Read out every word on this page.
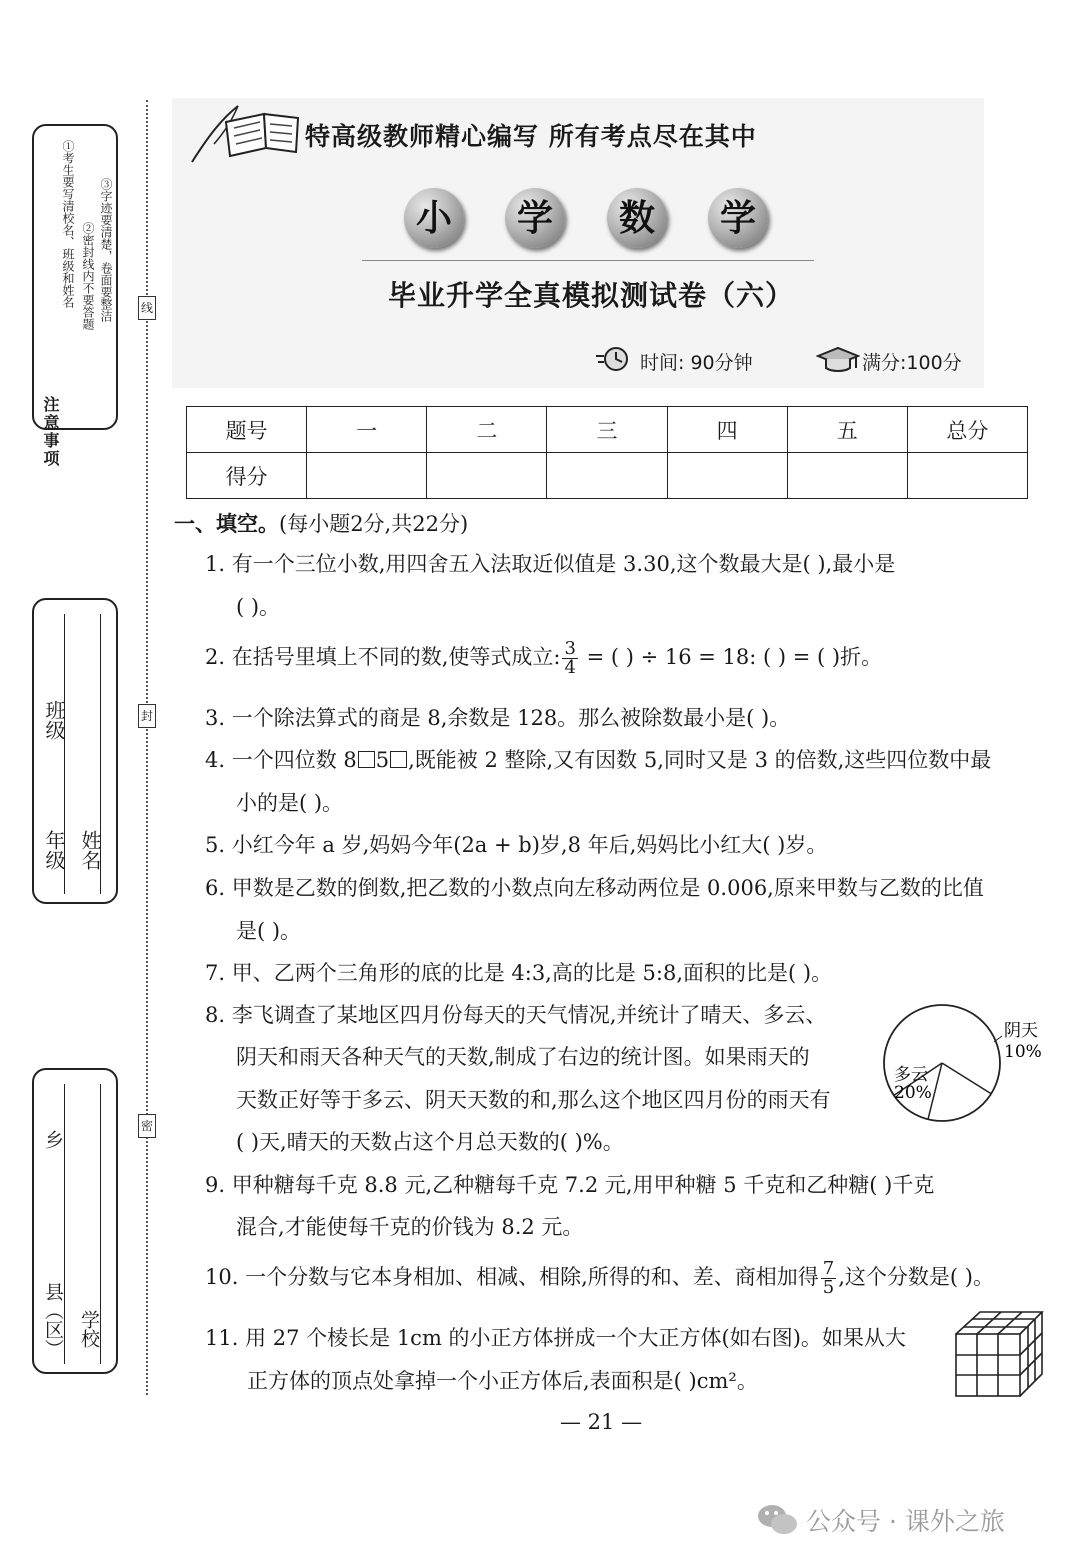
注意事项
①考生要写清校名、班级和姓名 ②密封线内不要答题 ③字迹要清楚，卷面要整洁
年级
班级
姓名
县（区）
乡
学校
线
封
密
特高级教师精心编写 所有考点尽在其中
小	学	数	学
毕业升学全真模拟测试卷（六）
时间: 90分钟	满分:100分
题号	一	二	三	四	五	总分
得分						
一、填空。(每小题2分,共22分)
1. 有一个三位小数,用四舍五入法取近似值是 3.30,这个数最大是( ),最小是
( )。
2. 在括号里填上不同的数,使等式成立: $\frac{3}{4}$ = ( ) ÷ 16 = 18: ( ) = ( )折。
3. 一个除法算式的商是 8,余数是 128。那么被除数最小是( )。
4. 一个四位数 8 5 ,既能被 2 整除,又有因数 5,同时又是 3 的倍数,这些四位数中最
小的是( )。
5. 小红今年 a 岁,妈妈今年(2a + b)岁,8 年后,妈妈比小红大( )岁。
6. 甲数是乙数的倒数,把乙数的小数点向左移动两位是 0.006,原来甲数与乙数的比值
是( )。
7. 甲、乙两个三角形的底的比是 4:3,高的比是 5:8,面积的比是( )。
8. 李飞调查了某地区四月份每天的天气情况,并统计了晴天、多云、
阴天和雨天各种天气的天数,制成了右边的统计图。如果雨天的
天数正好等于多云、阴天天数的和,那么这个地区四月份的雨天有
( )天,晴天的天数占这个月总天数的( )%。
阴天
10%
多云
20%
9. 甲种糖每千克 8.8 元,乙种糖每千克 7.2 元,用甲种糖 5 千克和乙种糖( )千克
混合,才能使每千克的价钱为 8.2 元。
10. 一个分数与它本身相加、相减、相除,所得的和、差、商相加得 $\frac{7}{5}$ ,这个分数是( )。
11. 用 27 个棱长是 1cm 的小正方体拼成一个大正方体(如右图)。如果从大
正方体的顶点处拿掉一个小正方体后,表面积是( )cm²。
— 21 —
公众号 · 课外之旅
